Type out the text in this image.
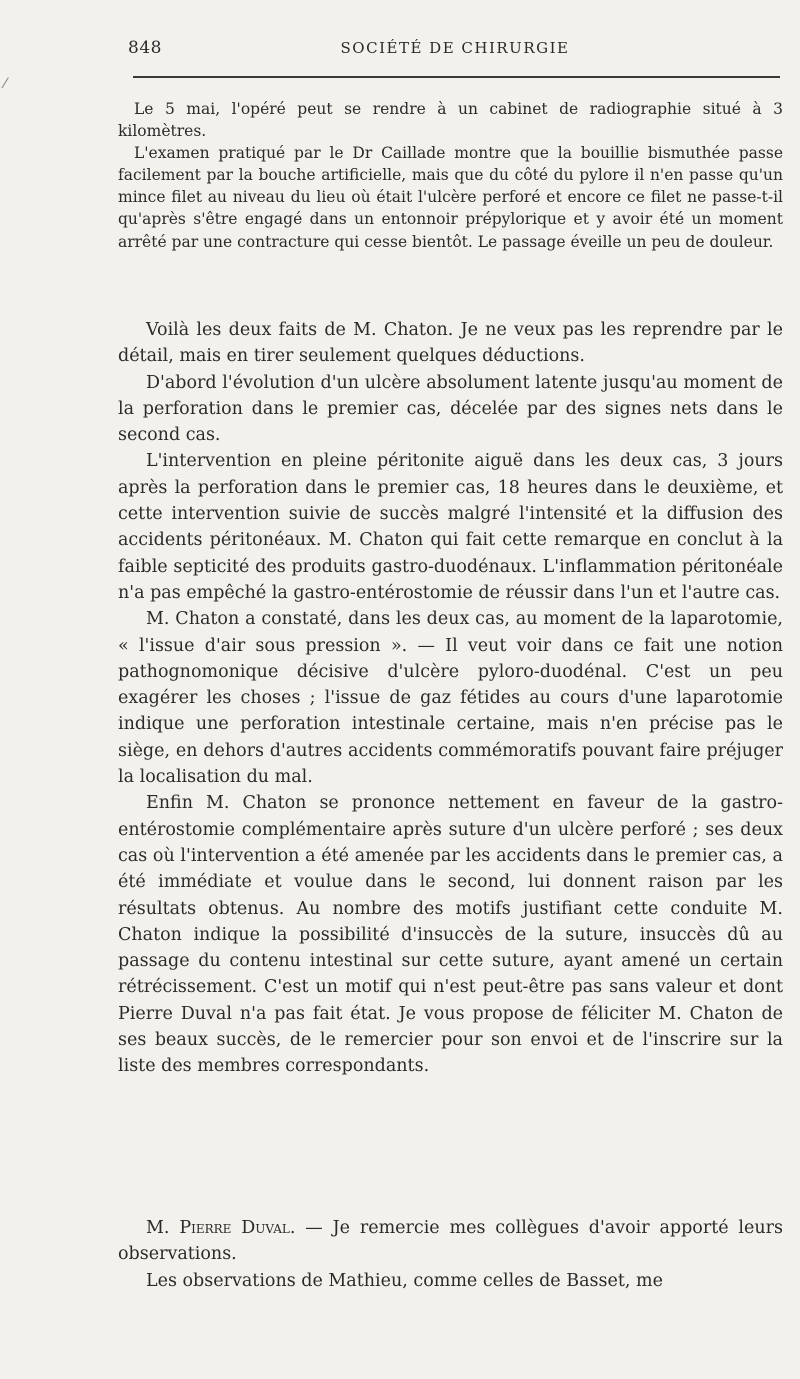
848	SOCIÉTÉ DE CHIRURGIE
⁄

Le 5 mai, l'opéré peut se rendre à un cabinet de radiographie situé à 3 kilomètres.

L'examen pratiqué par le Dr Caillade montre que la bouillie bismuthée passe facilement par la bouche artificielle, mais que du côté du pylore il n'en passe qu'un mince filet au niveau du lieu où était l'ulcère perforé et encore ce filet ne passe-t-il qu'après s'être engagé dans un entonnoir prépylorique et y avoir été un moment arrêté par une contracture qui cesse bientôt. Le passage éveille un peu de douleur.

Voilà les deux faits de M. Chaton. Je ne veux pas les reprendre par le détail, mais en tirer seulement quelques déductions.

D'abord l'évolution d'un ulcère absolument latente jusqu'au moment de la perforation dans le premier cas, décelée par des signes nets dans le second cas.

L'intervention en pleine péritonite aiguë dans les deux cas, 3 jours après la perforation dans le premier cas, 18 heures dans le deuxième, et cette intervention suivie de succès malgré l'intensité et la diffusion des accidents péritonéaux. M. Chaton qui fait cette remarque en conclut à la faible septicité des produits gastro-duodénaux. L'inflammation péritonéale n'a pas empêché la gastro-entérostomie de réussir dans l'un et l'autre cas.

M. Chaton a constaté, dans les deux cas, au moment de la laparotomie, « l'issue d'air sous pression ». — Il veut voir dans ce fait une notion pathognomonique décisive d'ulcère pyloro-duodénal. C'est un peu exagérer les choses ; l'issue de gaz fétides au cours d'une laparotomie indique une perforation intestinale certaine, mais n'en précise pas le siège, en dehors d'autres accidents commémoratifs pouvant faire préjuger la localisation du mal.

Enfin M. Chaton se prononce nettement en faveur de la gastro-entérostomie complémentaire après suture d'un ulcère perforé ; ses deux cas où l'intervention a été amenée par les accidents dans le premier cas, a été immédiate et voulue dans le second, lui donnent raison par les résultats obtenus. Au nombre des motifs justifiant cette conduite M. Chaton indique la possibilité d'insuccès de la suture, insuccès dû au passage du contenu intestinal sur cette suture, ayant amené un certain rétrécissement. C'est un motif qui n'est peut-être pas sans valeur et dont Pierre Duval n'a pas fait état. Je vous propose de féliciter M. Chaton de ses beaux succès, de le remercier pour son envoi et de l'inscrire sur la liste des membres correspondants.

M. Pierre Duval. — Je remercie mes collègues d'avoir apporté leurs observations.

Les observations de Mathieu, comme celles de Basset, me
